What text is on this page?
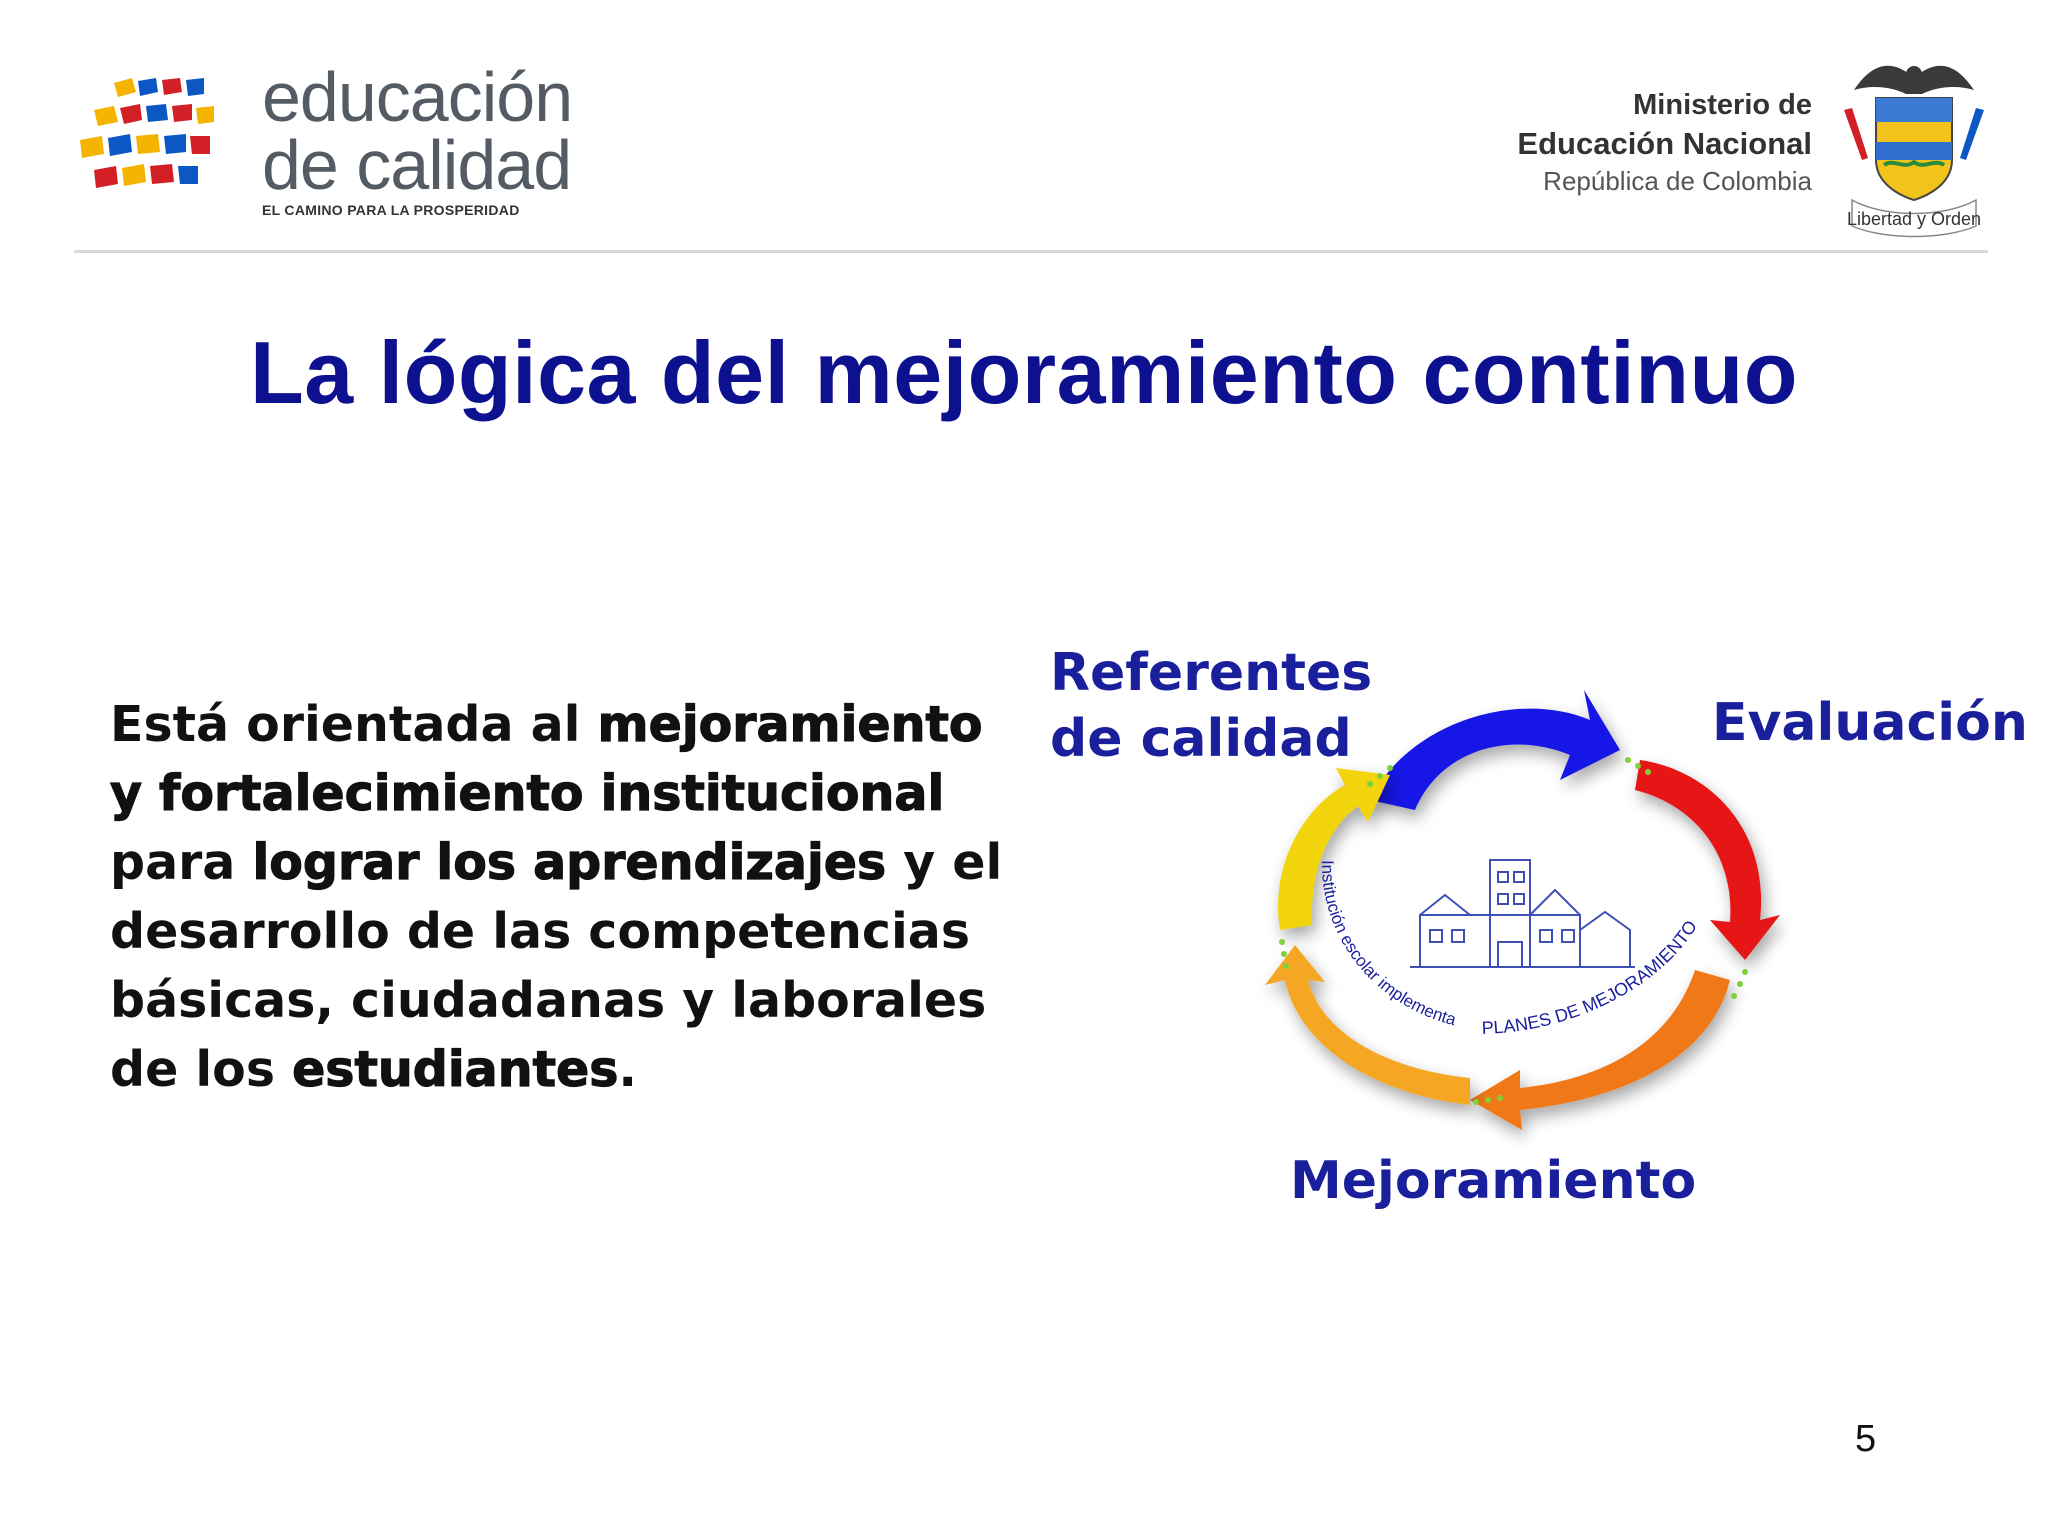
educación
de calidad
EL CAMINO PARA LA PROSPERIDAD
Ministerio de
Educación Nacional
República de Colombia
Libertad y Orden
La lógica del mejoramiento continuo
Está orientada al mejoramiento y fortalecimiento institucional para lograr los aprendizajes y el desarrollo de las competencias básicas, ciudadanas y laborales de los estudiantes.
Institución escolar implementa PLANES DE MEJORAMIENTO
Referentes de calidad	Evaluación
Mejoramiento
5
